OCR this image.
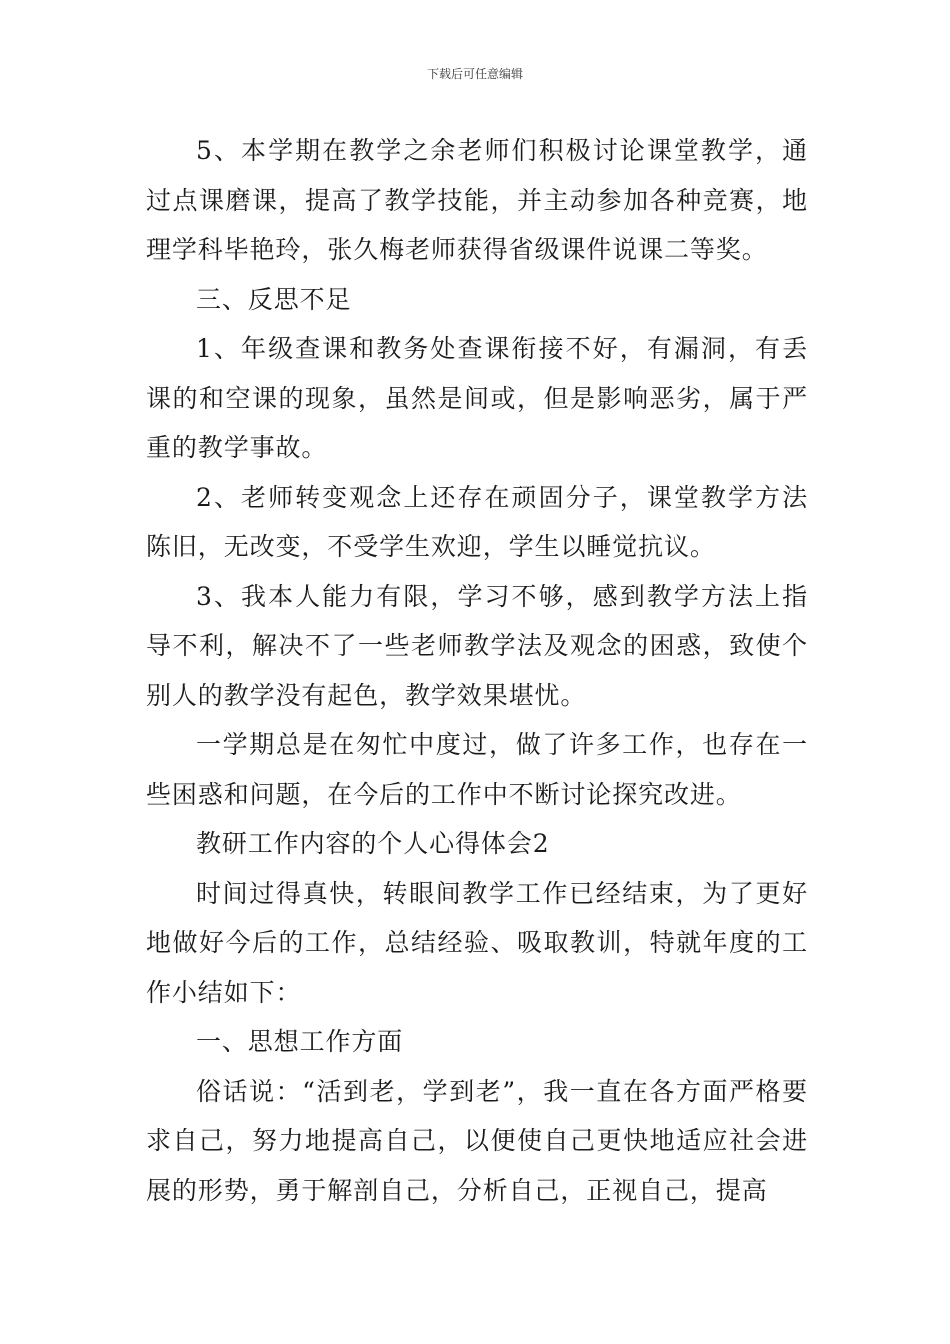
下载后可任意编辑

5、本学期在教学之余老师们积极讨论课堂教学，通过点课磨课，提高了教学技能，并主动参加各种竞赛，地理学科毕艳玲，张久梅老师获得省级课件说课二等奖。

三、反思不足

1、年级查课和教务处查课衔接不好，有漏洞，有丢课的和空课的现象，虽然是间或，但是影响恶劣，属于严重的教学事故。

2、老师转变观念上还存在顽固分子，课堂教学方法陈旧，无改变，不受学生欢迎，学生以睡觉抗议。

3、我本人能力有限，学习不够，感到教学方法上指导不利，解决不了一些老师教学法及观念的困惑，致使个别人的教学没有起色，教学效果堪忧。

一学期总是在匆忙中度过，做了许多工作，也存在一些困惑和问题，在今后的工作中不断讨论探究改进。

教研工作内容的个人心得体会2

时间过得真快，转眼间教学工作已经结束，为了更好地做好今后的工作，总结经验、吸取教训，特就年度的工作小结如下：

一、思想工作方面

俗话说：“活到老，学到老”，我一直在各方面严格要求自己，努力地提高自己，以便使自己更快地适应社会进展的形势，勇于解剖自己，分析自己，正视自己，提高
